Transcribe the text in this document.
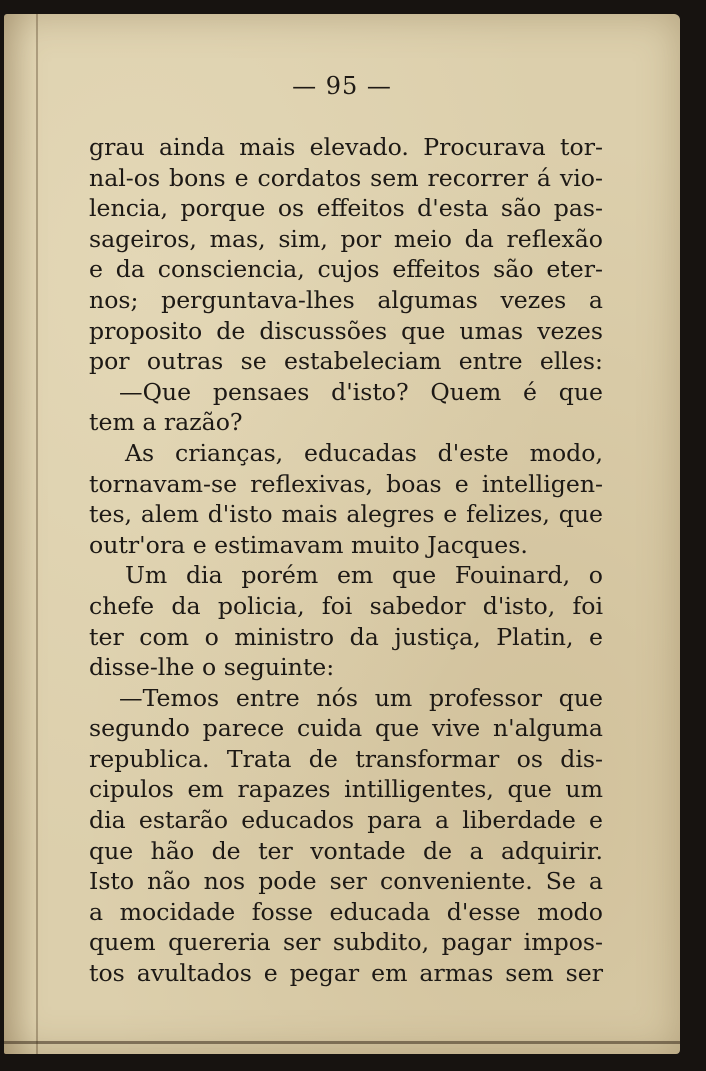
— 95 —
grau ainda mais elevado. Procurava tor-
nal-os bons e cordatos sem recorrer á vio-
lencia, porque os effeitos d'esta são pas-
sageiros, mas, sim, por meio da reflexão
e da consciencia, cujos effeitos são eter-
nos; perguntava-lhes algumas vezes a
proposito de discussões que umas vezes
por outras se estabeleciam entre elles:
—Que pensaes d'isto? Quem é que
tem a razão?
As crianças, educadas d'este modo,
tornavam-se reflexivas, boas e intelligen-
tes, alem d'isto mais alegres e felizes, que
outr'ora e estimavam muito Jacques.
Um dia porém em que Fouinard, o
chefe da policia, foi sabedor d'isto, foi
ter com o ministro da justiça, Platin, e
disse-lhe o seguinte:
—Temos entre nós um professor que
segundo parece cuida que vive n'alguma
republica. Trata de transformar os dis-
cipulos em rapazes intilligentes, que um
dia estarão educados para a liberdade e
que hão de ter vontade de a adquirir.
Isto não nos pode ser conveniente. Se a
a mocidade fosse educada d'esse modo
quem quereria ser subdito, pagar impos-
tos avultados e pegar em armas sem ser
